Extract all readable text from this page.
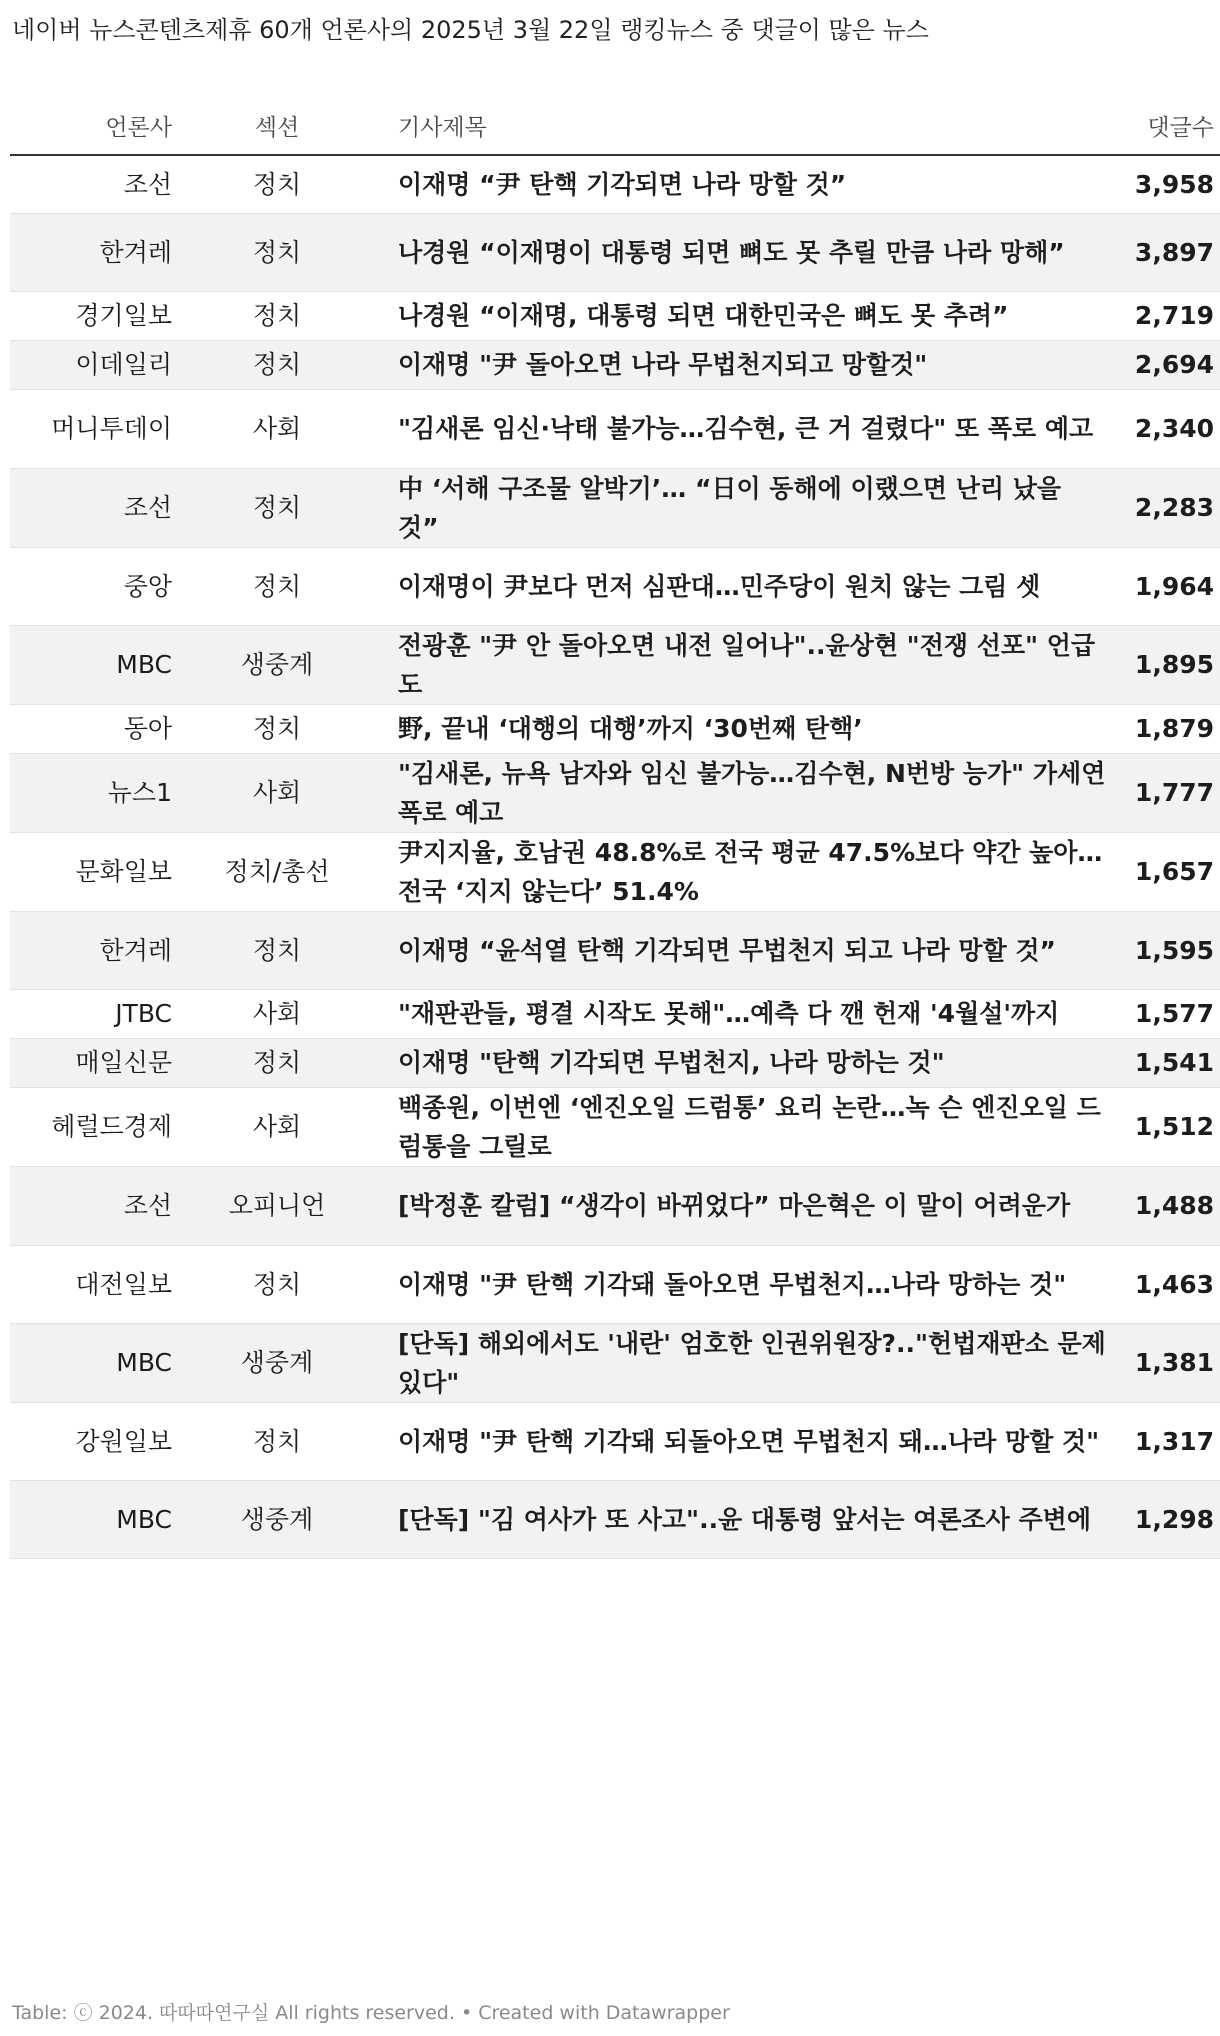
네이버 뉴스콘텐츠제휴 60개 언론사의 2025년 3월 22일 랭킹뉴스 중 댓글이 많은 뉴스
언론사	섹션	기사제목	댓글수
조선	정치	이재명 “尹 탄핵 기각되면 나라 망할 것”	3,958
한겨레	정치	나경원 “이재명이 대통령 되면 뼈도 못 추릴 만큼 나라 망해”	3,897
경기일보	정치	나경원 “이재명, 대통령 되면 대한민국은 뼈도 못 추려”	2,719
이데일리	정치	이재명 "尹 돌아오면 나라 무법천지되고 망할것"	2,694
머니투데이	사회	"김새론 임신·낙태 불가능…김수현, 큰 거 걸렸다" 또 폭로 예고	2,340
조선	정치	中 ‘서해 구조물 알박기’… “日이 동해에 이랬으면 난리 났을 것”	2,283
중앙	정치	이재명이 尹보다 먼저 심판대…민주당이 원치 않는 그림 셋	1,964
MBC	생중계	전광훈 "尹 안 돌아오면 내전 일어나"..윤상현 "전쟁 선포" 언급도	1,895
동아	정치	野, 끝내 ‘대행의 대행’까지 ‘30번째 탄핵’	1,879
뉴스1	사회	"김새론, 뉴욕 남자와 임신 불가능…김수현, N번방 능가" 가세연 폭로 예고	1,777
문화일보	정치/총선	尹지지율, 호남권 48.8%로 전국 평균 47.5%보다 약간 높아…전국 ‘지지 않는다’ 51.4%	1,657
한겨레	정치	이재명 “윤석열 탄핵 기각되면 무법천지 되고 나라 망할 것”	1,595
JTBC	사회	"재판관들, 평결 시작도 못해"…예측 다 깬 헌재 '4월설'까지	1,577
매일신문	정치	이재명 "탄핵 기각되면 무법천지, 나라 망하는 것"	1,541
헤럴드경제	사회	백종원, 이번엔 ‘엔진오일 드럼통’ 요리 논란…녹 슨 엔진오일 드럼통을 그릴로	1,512
조선	오피니언	[박정훈 칼럼] “생각이 바뀌었다” 마은혁은 이 말이 어려운가	1,488
대전일보	정치	이재명 "尹 탄핵 기각돼 돌아오면 무법천지…나라 망하는 것"	1,463
MBC	생중계	[단독] 해외에서도 '내란' 엄호한 인권위원장?.."헌법재판소 문제 있다"	1,381
강원일보	정치	이재명 "尹 탄핵 기각돼 되돌아오면 무법천지 돼…나라 망할 것"	1,317
MBC	생중계	[단독] "김 여사가 또 사고"..윤 대통령 앞서는 여론조사 주변에	1,298
Table: ⓒ 2024. 따따따연구실 All rights reserved. • Created with Datawrapper
